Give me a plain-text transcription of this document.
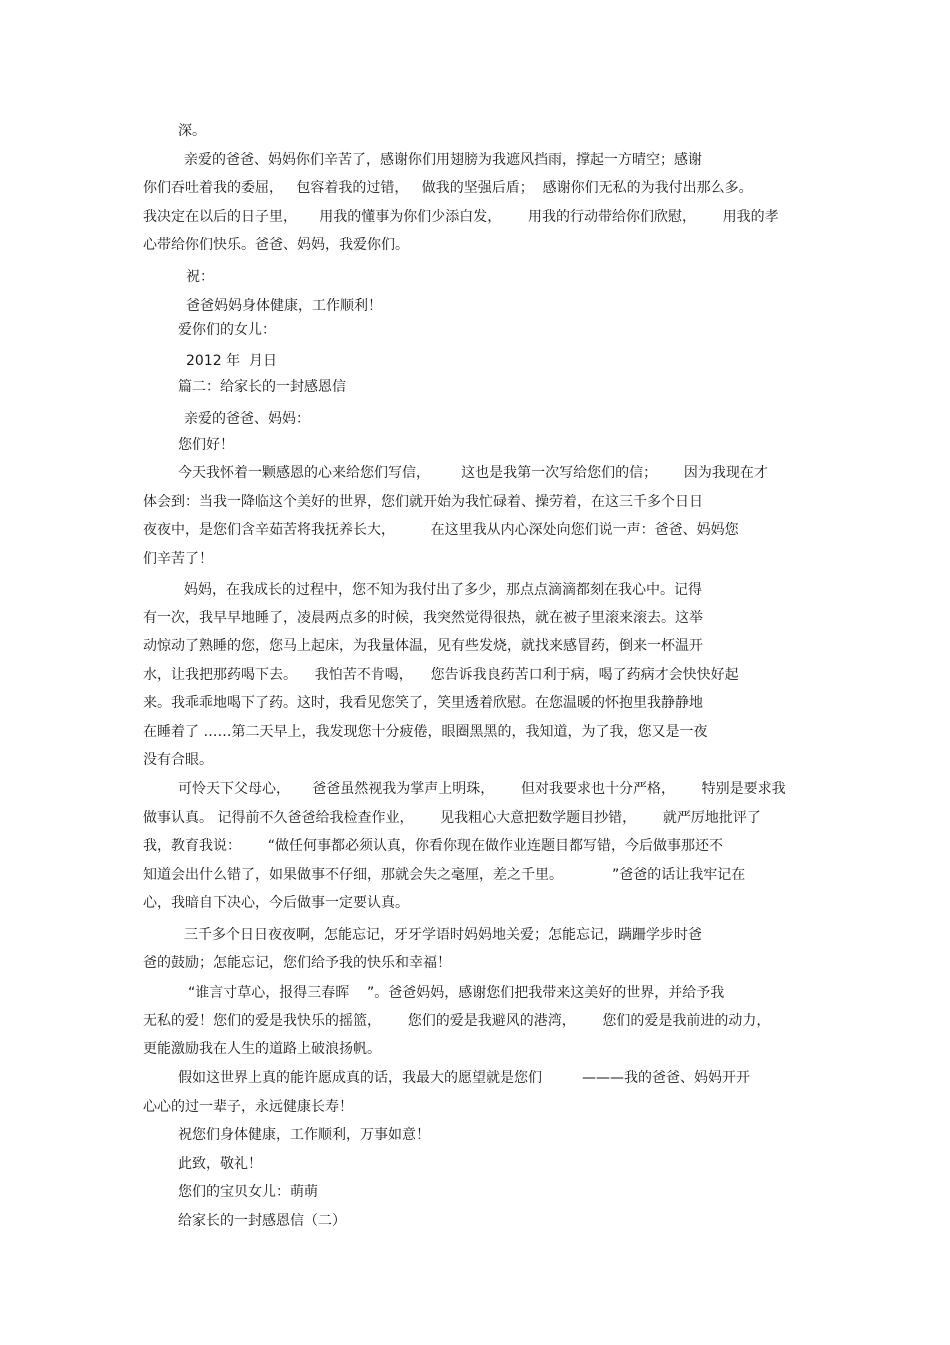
深。

亲爱的爸爸、妈妈你们辛苦了，感谢你们用翅膀为我遮风挡雨，撑起一方晴空；感谢

你们吞吐着我的委屈，   包容着我的过错，   做我的坚强后盾；  感谢你们无私的为我付出那么多。

我决定在以后的日子里，     用我的懂事为你们少添白发，      用我的行动带给你们欣慰，      用我的孝

心带给你们快乐。爸爸、妈妈，我爱你们。

祝：

爸爸妈妈身体健康，工作顺利！

爱你们的女儿：

2012 年  月日

篇二：给家长的一封感恩信

亲爱的爸爸、妈妈：

您们好！

今天我怀着一颗感恩的心来给您们写信，       这也是我第一次写给您们的信；      因为我现在才

体会到：当我一降临这个美好的世界，您们就开始为我忙碌着、操劳着，在这三千多个日日

夜夜中，是您们含辛茹苦将我抚养长大，        在这里我从内心深处向您们说一声：爸爸、妈妈您

们辛苦了！

妈妈，在我成长的过程中，您不知为我付出了多少，那点点滴滴都刻在我心中。记得

有一次，我早早地睡了，凌晨两点多的时候，我突然觉得很热，就在被子里滚来滚去。这举

动惊动了熟睡的您，您马上起床，为我量体温，见有些发烧，就找来感冒药，倒来一杯温开

水，让我把那药喝下去。    我怕苦不肯喝，    您告诉我良药苦口利于病，喝了药病才会快快好起

来。我乖乖地喝下了药。这时，我看见您笑了，笑里透着欣慰。在您温暖的怀抱里我静静地

在睡着了 ……第二天早上，我发现您十分疲倦，眼圈黑黑的，我知道，为了我，您又是一夜

没有合眼。

可怜天下父母心，     爸爸虽然视我为掌声上明珠，      但对我要求也十分严格，      特别是要求我

做事认真。 记得前不久爸爸给我检查作业，      见我粗心大意把数学题目抄错，      就严厉地批评了

我，教育我说：      “做任何事都必须认真，你看你现在做作业连题目都写错，今后做事那还不

知道会出什么错了，如果做事不仔细，那就会失之毫厘，差之千里。           ”爸爸的话让我牢记在

心，我暗自下决心，今后做事一定要认真。

三千多个日日夜夜啊，怎能忘记，牙牙学语时妈妈地关爱；怎能忘记，蹒跚学步时爸

爸的鼓励；怎能忘记，您们给予我的快乐和幸福！

“谁言寸草心，报得三春晖    ”。爸爸妈妈，感谢您们把我带来这美好的世界，并给予我

无私的爱！您们的爱是我快乐的摇篮，      您们的爱是我避风的港湾，      您们的爱是我前进的动力，

更能激励我在人生的道路上破浪扬帆。

假如这世界上真的能许愿成真的话，我最大的愿望就是您们         ———我的爸爸、妈妈开开

心心的过一辈子，永远健康长寿！

祝您们身体健康，工作顺利，万事如意！

此致，敬礼！

您们的宝贝女儿：萌萌

给家长的一封感恩信（二）
